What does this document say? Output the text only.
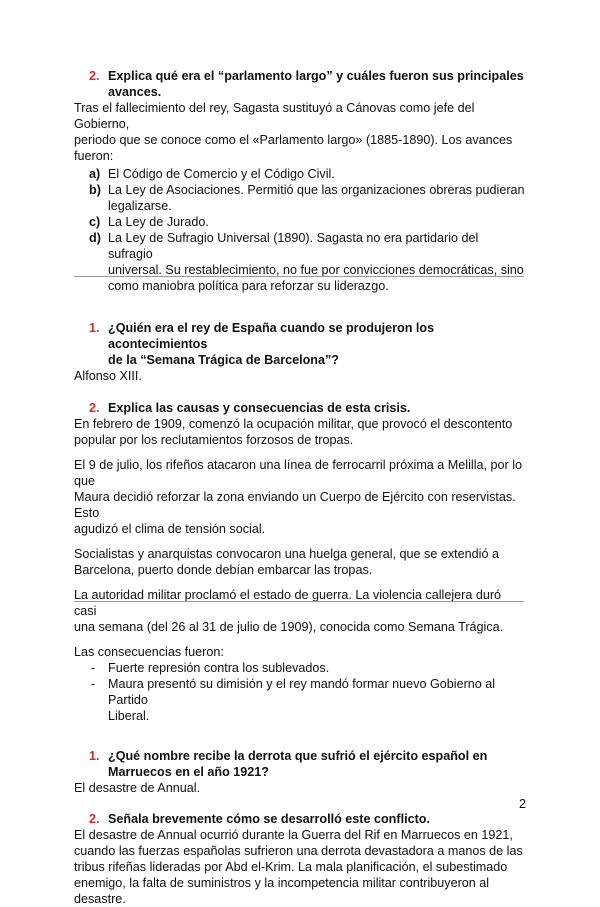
2. Explica qué era el “parlamento largo” y cuáles fueron sus principales
avances.

Tras el fallecimiento del rey, Sagasta sustituyó a Cánovas como jefe del Gobierno,
periodo que se conoce como el «Parlamento largo» (1885-1890). Los avances
fueron:

a) El Código de Comercio y el Código Civil.
b) La Ley de Asociaciones. Permitió que las organizaciones obreras pudieran
legalizarse.
c) La Ley de Jurado.
d) La Ley de Sufragio Universal (1890). Sagasta no era partidario del sufragio
universal. Su restablecimiento, no fue por convicciones democráticas, sino
como maniobra política para reforzar su liderazgo.
1. ¿Quién era el rey de España cuando se produjeron los acontecimientos
de la “Semana Trágica de Barcelona”?

Alfonso XIII.

2. Explica las causas y consecuencias de esta crisis.

En febrero de 1909, comenzó la ocupación militar, que provocó el descontento
popular por los reclutamientos forzosos de tropas.

El 9 de julio, los rifeños atacaron una línea de ferrocarril próxima a Melilla, por lo que
Maura decidió reforzar la zona enviando un Cuerpo de Ejército con reservistas. Esto
agudizó el clima de tensión social.

Socialistas y anarquistas convocaron una huelga general, que se extendió a
Barcelona, puerto donde debían embarcar las tropas.

La autoridad militar proclamó el estado de guerra. La violencia callejera duró casi
una semana (del 26 al 31 de julio de 1909), conocida como Semana Trágica.

Las consecuencias fueron:

- Fuerte represión contra los sublevados.
- Maura presentó su dimisión y el rey mandó formar nuevo Gobierno al Partido
Liberal.
1. ¿Qué nombre recibe la derrota que sufrió el ejército español en
Marruecos en el año 1921?

El desastre de Annual.

2. Señala brevemente cómo se desarrolló este conflicto.

El desastre de Annual ocurrió durante la Guerra del Rif en Marruecos en 1921,
cuando las fuerzas españolas sufrieron una derrota devastadora a manos de las
tribus rifeñas lideradas por Abd el-Krim. La mala planificación, el subestimado
enemigo, la falta de suministros y la incompetencia militar contribuyeron al desastre.

2
